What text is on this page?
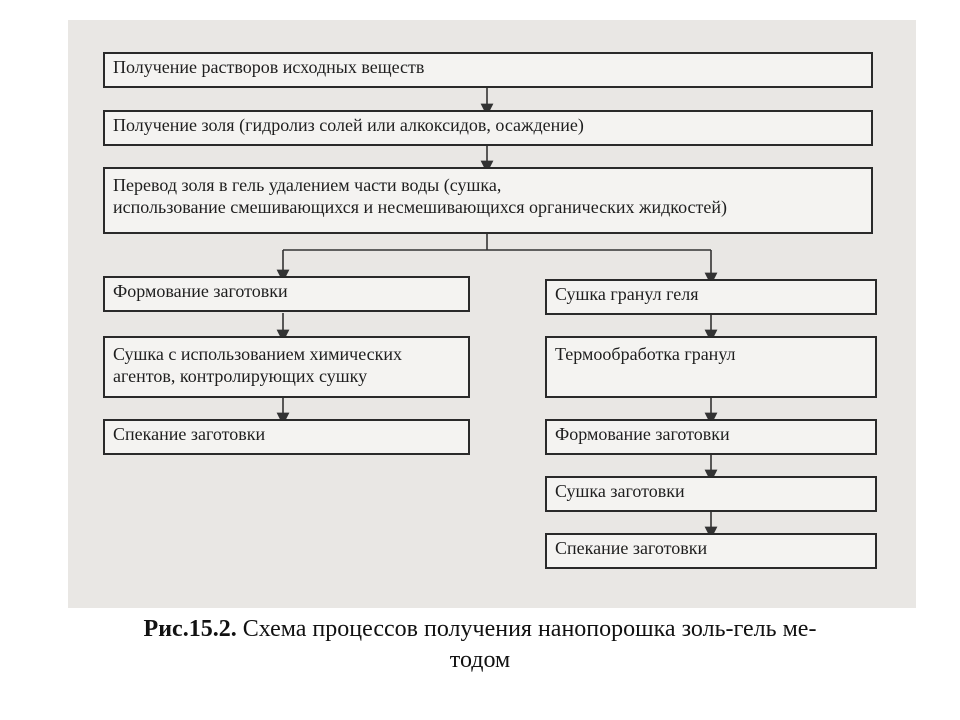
Получение растворов исходных веществ
Получение золя (гидролиз солей или алкоксидов, осаждение)
Перевод золя в гель удалением части воды (сушка,
использование смешивающихся и несмешивающихся органических жидкостей)
Формование заготовки
Сушка с использованием химических
агентов, контролирующих сушку
Спекание заготовки
Сушка гранул геля
Термообработка гранул
Формование заготовки
Сушка заготовки
Спекание заготовки
Рис.15.2. Схема процессов получения нанопорошка золь-гель ме-
тодом
